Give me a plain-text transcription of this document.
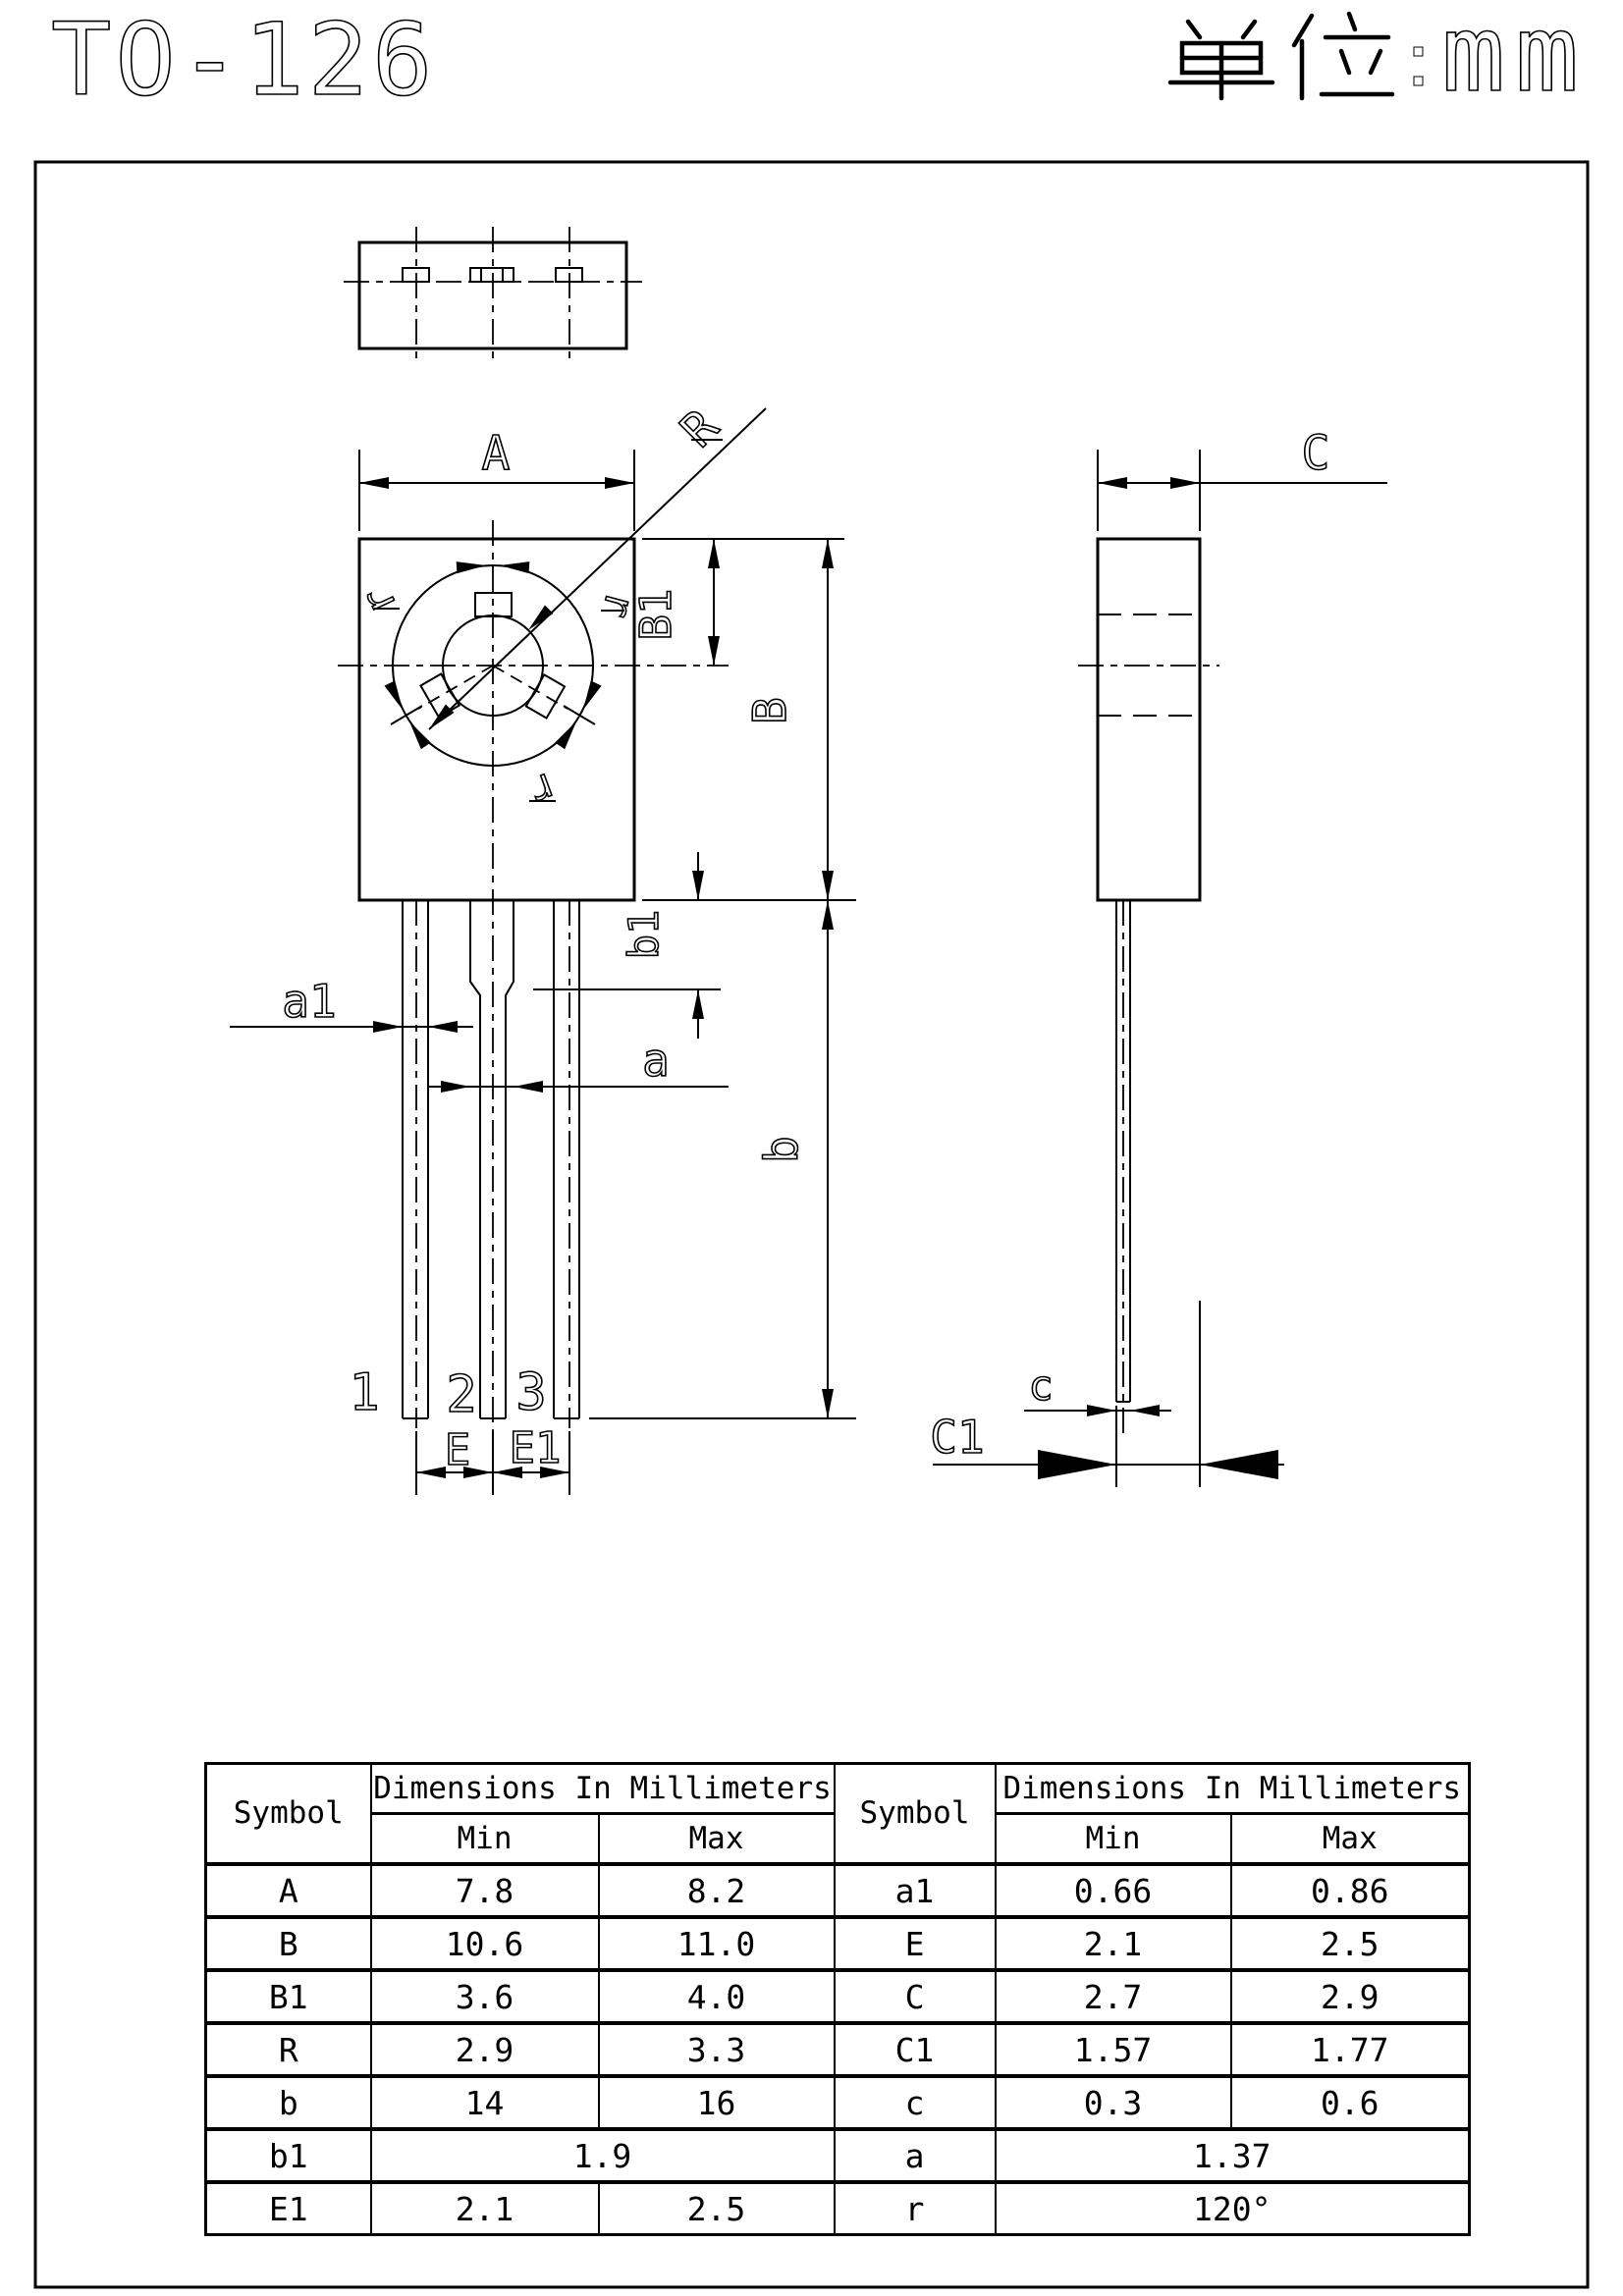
TO-126	mm
r	r
r
R
A
B1
B
b
b1
a1
a
1 2 3
E E1
C
c
C1
Symbol	Dimensions In Millimeters		Symbol	Dimensions In Millimeters	
	Min	Max		Min	Max
A	7.8	8.2	a1	0.66	0.86
B	10.6	11.0	E	2.1	2.5
B1	3.6	4.0	C	2.7	2.9
R	2.9	3.3	C1	1.57	1.77
b	14	16	c	0.3	0.6
b1	1.9		a	1.37	
E1	2.1	2.5	r	120°	
